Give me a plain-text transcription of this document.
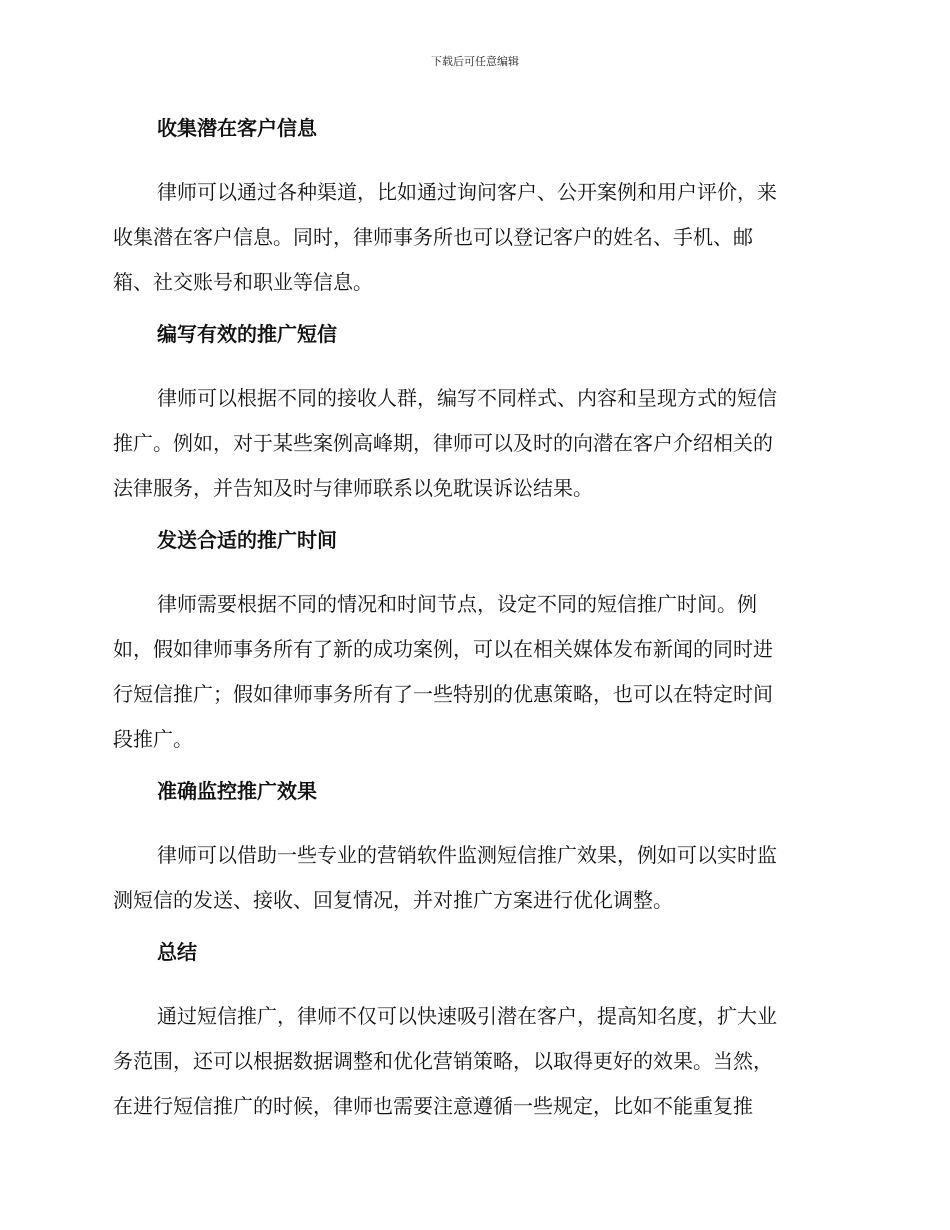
下载后可任意编辑
收集潜在客户信息
律师可以通过各种渠道，比如通过询问客户、公开案例和用户评价，来
收集潜在客户信息。同时，律师事务所也可以登记客户的姓名、手机、邮
箱、社交账号和职业等信息。
编写有效的推广短信
律师可以根据不同的接收人群，编写不同样式、内容和呈现方式的短信
推广。例如，对于某些案例高峰期，律师可以及时的向潜在客户介绍相关的
法律服务，并告知及时与律师联系以免耽误诉讼结果。
发送合适的推广时间
律师需要根据不同的情况和时间节点，设定不同的短信推广时间。例
如，假如律师事务所有了新的成功案例，可以在相关媒体发布新闻的同时进
行短信推广；假如律师事务所有了一些特别的优惠策略，也可以在特定时间
段推广。
准确监控推广效果
律师可以借助一些专业的营销软件监测短信推广效果，例如可以实时监
测短信的发送、接收、回复情况，并对推广方案进行优化调整。
总结
通过短信推广，律师不仅可以快速吸引潜在客户，提高知名度，扩大业
务范围，还可以根据数据调整和优化营销策略，以取得更好的效果。当然，
在进行短信推广的时候，律师也需要注意遵循一些规定，比如不能重复推
